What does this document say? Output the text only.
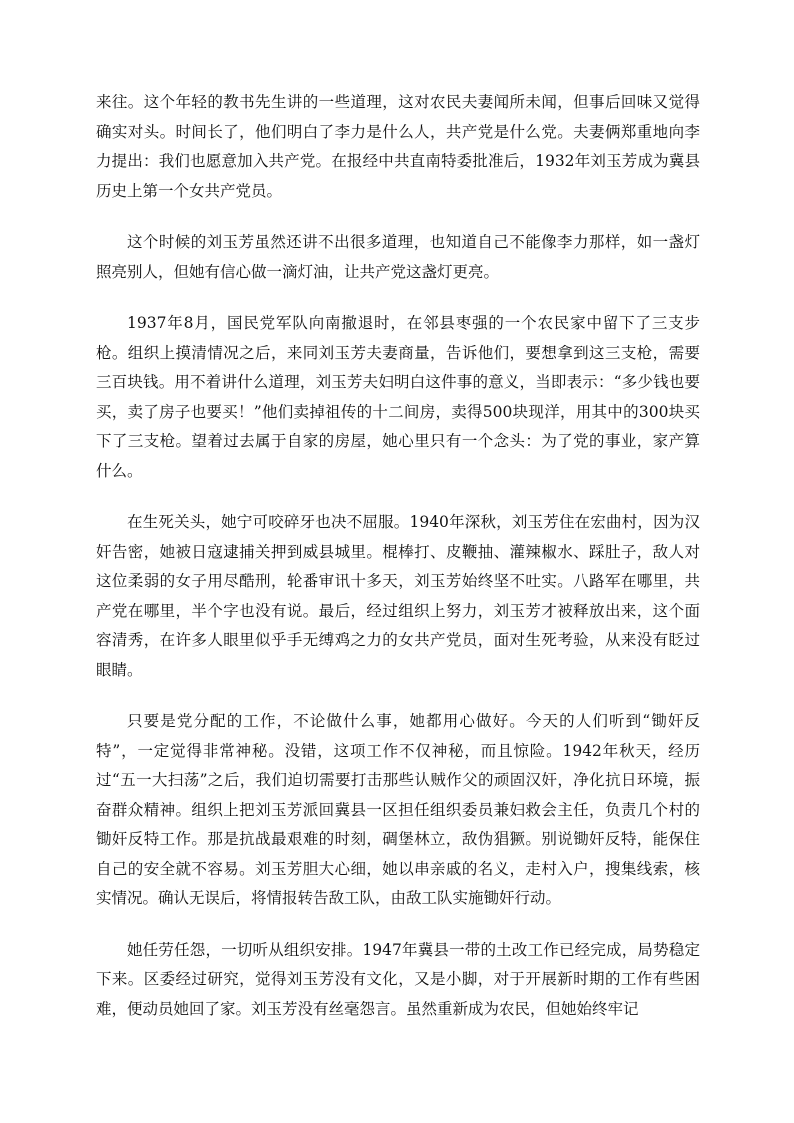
来往。这个年轻的教书先生讲的一些道理，这对农民夫妻闻所未闻，但事后回味又觉得确实对头。时间长了，他们明白了李力是什么人，共产党是什么党。夫妻俩郑重地向李力提出：我们也愿意加入共产党。在报经中共直南特委批准后，1932年刘玉芳成为冀县历史上第一个女共产党员。

这个时候的刘玉芳虽然还讲不出很多道理，也知道自己不能像李力那样，如一盏灯照亮别人，但她有信心做一滴灯油，让共产党这盏灯更亮。

1937年8月，国民党军队向南撤退时，在邻县枣强的一个农民家中留下了三支步枪。组织上摸清情况之后，来同刘玉芳夫妻商量，告诉他们，要想拿到这三支枪，需要三百块钱。用不着讲什么道理，刘玉芳夫妇明白这件事的意义，当即表示：“多少钱也要买，卖了房子也要买！”他们卖掉祖传的十二间房，卖得500块现洋，用其中的300块买下了三支枪。望着过去属于自家的房屋，她心里只有一个念头：为了党的事业，家产算什么。

在生死关头，她宁可咬碎牙也决不屈服。1940年深秋，刘玉芳住在宏曲村，因为汉奸告密，她被日寇逮捕关押到威县城里。棍棒打、皮鞭抽、灌辣椒水、踩肚子，敌人对这位柔弱的女子用尽酷刑，轮番审讯十多天，刘玉芳始终坚不吐实。八路军在哪里，共产党在哪里，半个字也没有说。最后，经过组织上努力，刘玉芳才被释放出来，这个面容清秀，在许多人眼里似乎手无缚鸡之力的女共产党员，面对生死考验，从来没有眨过眼睛。

只要是党分配的工作，不论做什么事，她都用心做好。今天的人们听到“锄奸反特”，一定觉得非常神秘。没错，这项工作不仅神秘，而且惊险。1942年秋天，经历过“五一大扫荡”之后，我们迫切需要打击那些认贼作父的顽固汉奸，净化抗日环境，振奋群众精神。组织上把刘玉芳派回冀县一区担任组织委员兼妇救会主任，负责几个村的锄奸反特工作。那是抗战最艰难的时刻，碉堡林立，敌伪猖獗。别说锄奸反特，能保住自己的安全就不容易。刘玉芳胆大心细，她以串亲戚的名义，走村入户，搜集线索，核实情况。确认无误后，将情报转告敌工队，由敌工队实施锄奸行动。

她任劳任怨，一切听从组织安排。1947年冀县一带的土改工作已经完成，局势稳定下来。区委经过研究，觉得刘玉芳没有文化，又是小脚，对于开展新时期的工作有些困难，便动员她回了家。刘玉芳没有丝毫怨言。虽然重新成为农民，但她始终牢记
